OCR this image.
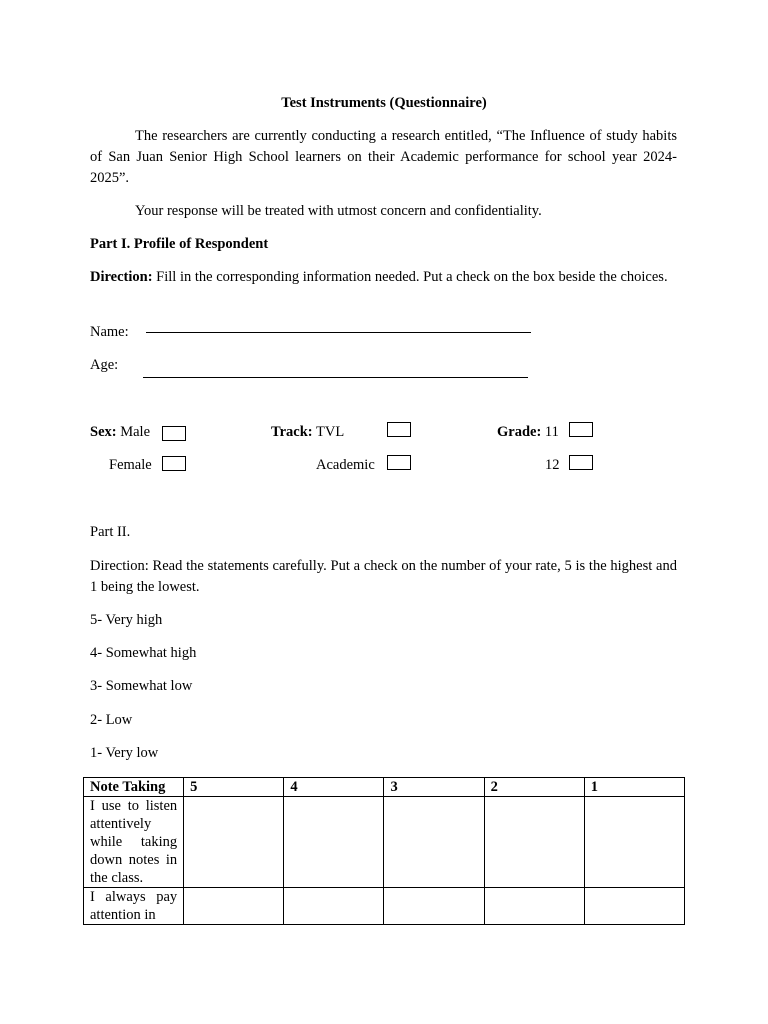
Test Instruments (Questionnaire)
The researchers are currently conducting a research entitled, “The Influence of study habits of San Juan Senior High School learners on their Academic performance for school year 2024-2025”.
Your response will be treated with utmost concern and confidentiality.
Part I. Profile of Respondent
Direction: Fill in the corresponding information needed. Put a check on the box beside the choices.
Name:
Age:
Sex: Male
Female
Track: TVL
Academic
Grade: 11
12
Part II.
Direction: Read the statements carefully. Put a check on the number of your rate, 5 is the highest and 1 being the lowest.
5- Very high
4- Somewhat high
3- Somewhat low
2- Low
1- Very low
Note Taking	5	4	3	2	1
I use to listen attentively while taking down notes in the class.					
I always pay attention in					
